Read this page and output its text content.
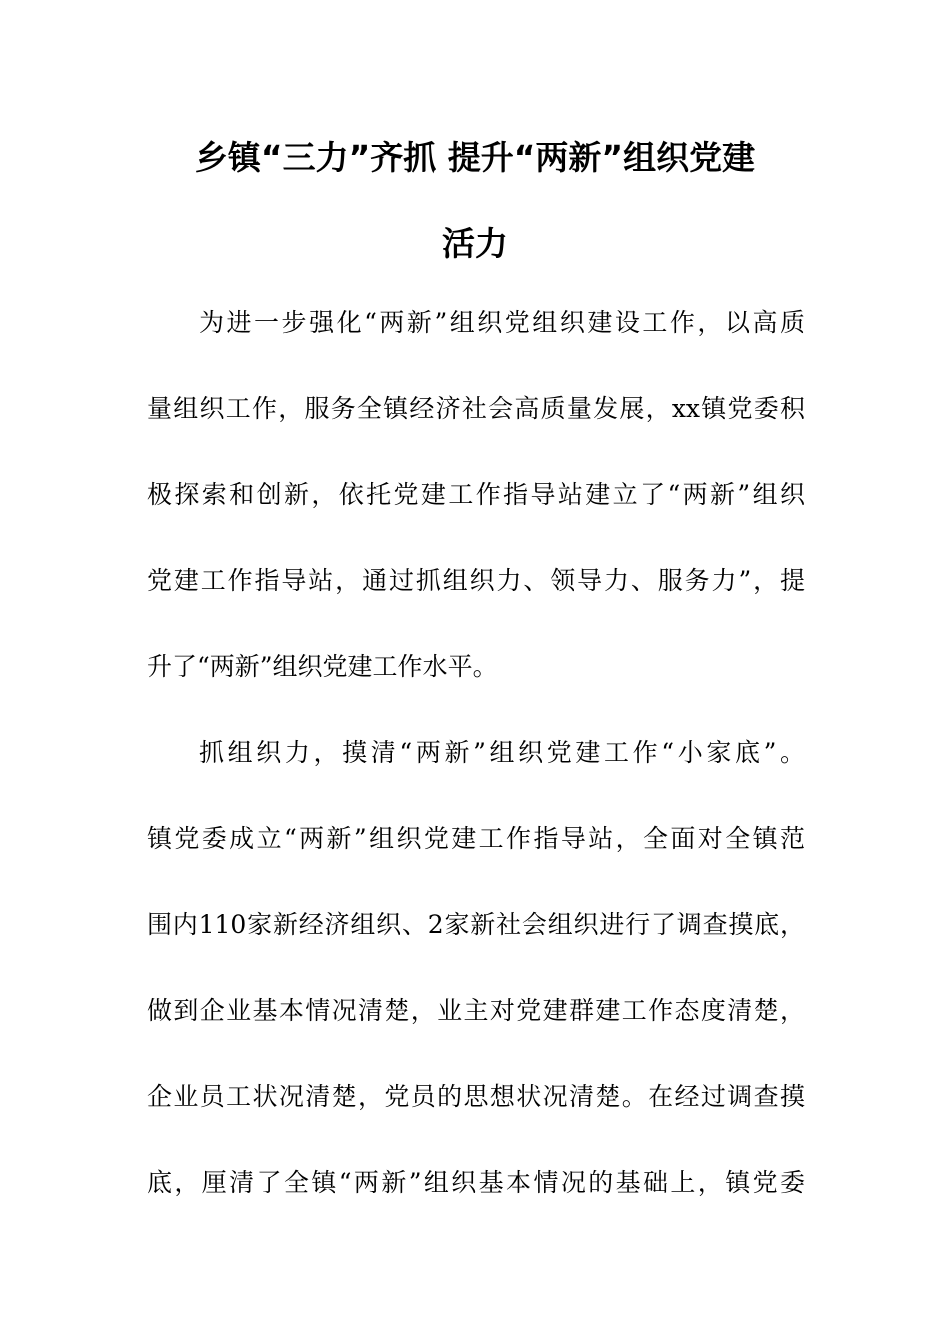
乡镇“三力”齐抓 提升“两新”组织党建
活力
为进一步强化“两新”组织党组织建设工作，以高质
量组织工作，服务全镇经济社会高质量发展，xx镇党委积
极探索和创新，依托党建工作指导站建立了“两新”组织
党建工作指导站，通过抓组织力、领导力、服务力”，提
升了“两新”组织党建工作水平。
抓组织力，摸清“两新”组织党建工作“小家底”。
镇党委成立“两新”组织党建工作指导站，全面对全镇范
围内110家新经济组织、2家新社会组织进行了调查摸底，
做到企业基本情况清楚，业主对党建群建工作态度清楚，
企业员工状况清楚，党员的思想状况清楚。在经过调查摸
底，厘清了全镇“两新”组织基本情况的基础上，镇党委
